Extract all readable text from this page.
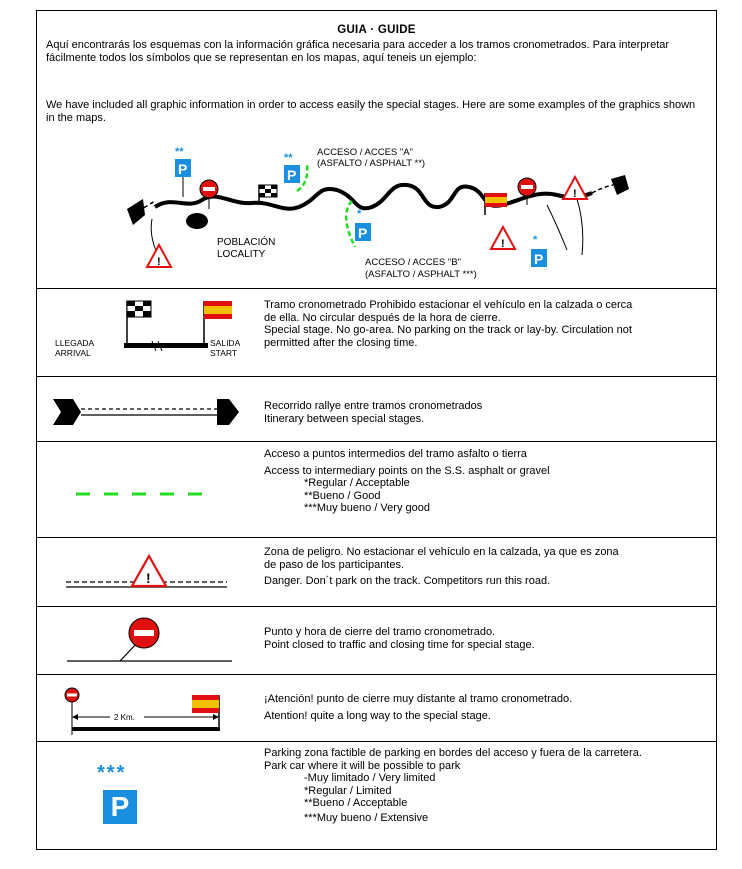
GUIA · GUIDE
Aquí encontrarás los esquemas con la información gráfica necesaria para acceder a los tramos cronometrados. Para interpretar fácilmente todos los símbolos que se representan en los mapas, aquí teneis un ejemplo:
We have included all graphic information in order to access easily the special stages. Here are some examples of the graphics shown in the maps.
**
P
**
P
*
P	*
P
!
!
!
ACCESO / ACCES "A"
(ASFALTO / ASPHALT **)
POBLACIÓN
LOCALITY
ACCESO / ACCES "B"
(ASFALTO / ASPHALT ***)
LLEGADA
ARRIVAL
SALIDA
START
Tramo cronometrado Prohibido estacionar el vehículo en la calzada o cerca
de ella. No circular después de la hora de cierre.
Special stage. No go-area. No parking on the track or lay-by. Circulation not
permitted after the closing time.
Recorrido rallye entre tramos cronometrados
Itinerary between special stages.
Acceso a puntos intermedios del tramo asfalto o tierra
Access to intermediary points on the S.S. asphalt or gravel
*Regular / Acceptable
**Bueno / Good
***Muy bueno / Very good
!
Zona de peligro. No estacionar el vehículo en la calzada, ya que es zona
de paso de los participantes.
Danger. Don´t park on the track. Competitors run this road.
Punto y hora de cierre del tramo cronometrado.
Point closed to traffic and closing time for special stage.
2 Km.
¡Atención! punto de cierre muy distante al tramo cronometrado.
Atention! quite a long way to the special stage.
***
P
Parking zona factible de parking en bordes del acceso y fuera de la carretera.
Park car where it will be possible to park
-Muy limitado / Very limited
*Regular / Limited
**Bueno / Acceptable
***Muy bueno / Extensive
